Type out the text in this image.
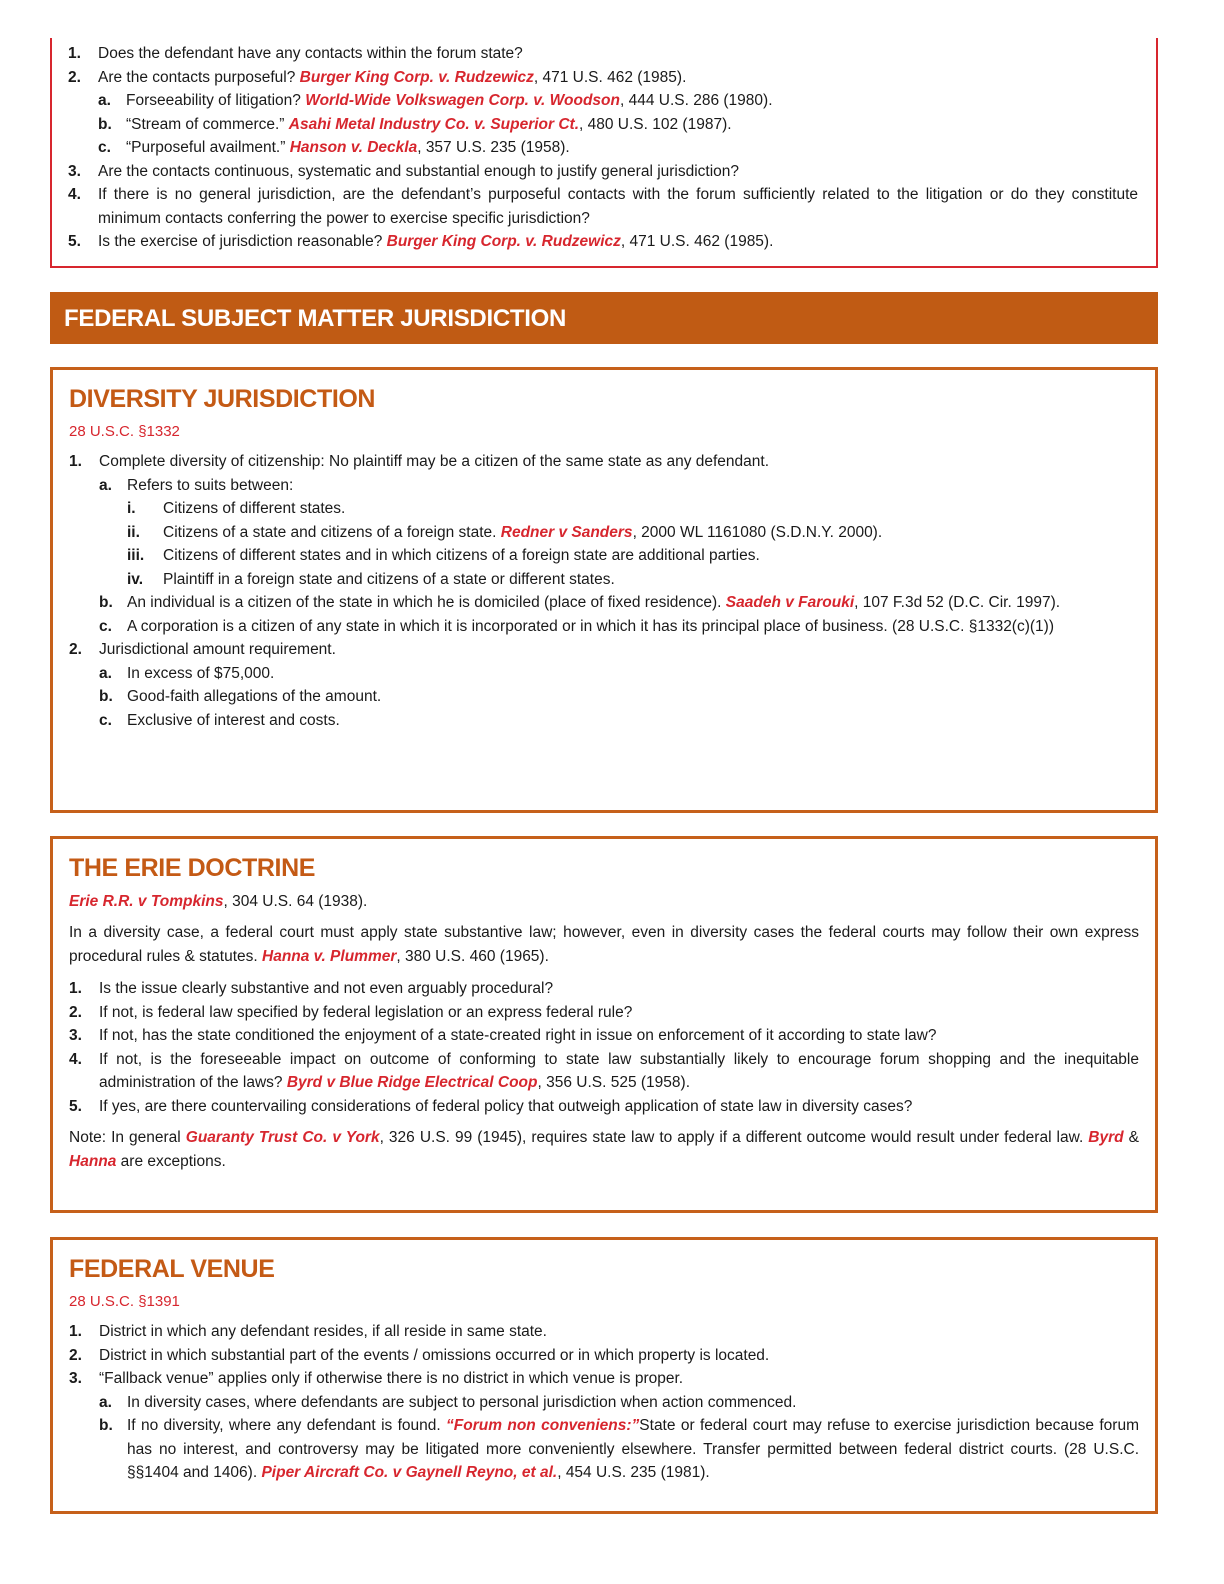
1. Does the defendant have any contacts within the forum state?
2. Are the contacts purposeful? Burger King Corp. v. Rudzewicz, 471 U.S. 462 (1985).
a. Forseeability of litigation? World-Wide Volkswagen Corp. v. Woodson, 444 U.S. 286 (1980).
b. “Stream of commerce.” Asahi Metal Industry Co. v. Superior Ct., 480 U.S. 102 (1987).
c. “Purposeful availment.” Hanson v. Deckla, 357 U.S. 235 (1958).
3. Are the contacts continuous, systematic and substantial enough to justify general jurisdiction?
4. If there is no general jurisdiction, are the defendant’s purposeful contacts with the forum sufficiently related to the litigation or do they constitute minimum contacts conferring the power to exercise specific jurisdiction?
5. Is the exercise of jurisdiction reasonable? Burger King Corp. v. Rudzewicz, 471 U.S. 462 (1985).
FEDERAL SUBJECT MATTER JURISDICTION
DIVERSITY JURISDICTION
28 U.S.C. §1332
1. Complete diversity of citizenship: No plaintiff may be a citizen of the same state as any defendant.
a. Refers to suits between:
i. Citizens of different states.
ii. Citizens of a state and citizens of a foreign state. Redner v Sanders, 2000 WL 1161080 (S.D.N.Y. 2000).
iii. Citizens of different states and in which citizens of a foreign state are additional parties.
iv. Plaintiff in a foreign state and citizens of a state or different states.
b. An individual is a citizen of the state in which he is domiciled (place of fixed residence). Saadeh v Farouki, 107 F.3d 52 (D.C. Cir. 1997).
c. A corporation is a citizen of any state in which it is incorporated or in which it has its principal place of business. (28 U.S.C. §1332(c)(1))
2. Jurisdictional amount requirement.
a. In excess of $75,000.
b. Good-faith allegations of the amount.
c. Exclusive of interest and costs.
THE ERIE DOCTRINE
Erie R.R. v Tompkins, 304 U.S. 64 (1938).

In a diversity case, a federal court must apply state substantive law; however, even in diversity cases the federal courts may follow their own express procedural rules & statutes. Hanna v. Plummer, 380 U.S. 460 (1965).

1. Is the issue clearly substantive and not even arguably procedural?
2. If not, is federal law specified by federal legislation or an express federal rule?
3. If not, has the state conditioned the enjoyment of a state-created right in issue on enforcement of it according to state law?
4. If not, is the foreseeable impact on outcome of conforming to state law substantially likely to encourage forum shopping and the inequitable administration of the laws? Byrd v Blue Ridge Electrical Coop, 356 U.S. 525 (1958).
5. If yes, are there countervailing considerations of federal policy that outweigh application of state law in diversity cases?

Note: In general Guaranty Trust Co. v York, 326 U.S. 99 (1945), requires state law to apply if a different outcome would result under federal law. Byrd & Hanna are exceptions.

FEDERAL VENUE
28 U.S.C. §1391
1. District in which any defendant resides, if all reside in same state.
2. District in which substantial part of the events / omissions occurred or in which property is located.
3. “Fallback venue” applies only if otherwise there is no district in which venue is proper.
a. In diversity cases, where defendants are subject to personal jurisdiction when action commenced.
b. If no diversity, where any defendant is found. “Forum non conveniens:”State or federal court may refuse to exercise jurisdiction because forum has no interest, and controversy may be litigated more conveniently elsewhere. Transfer permitted between federal district courts. (28 U.S.C. §§1404 and 1406). Piper Aircraft Co. v Gaynell Reyno, et al., 454 U.S. 235 (1981).
